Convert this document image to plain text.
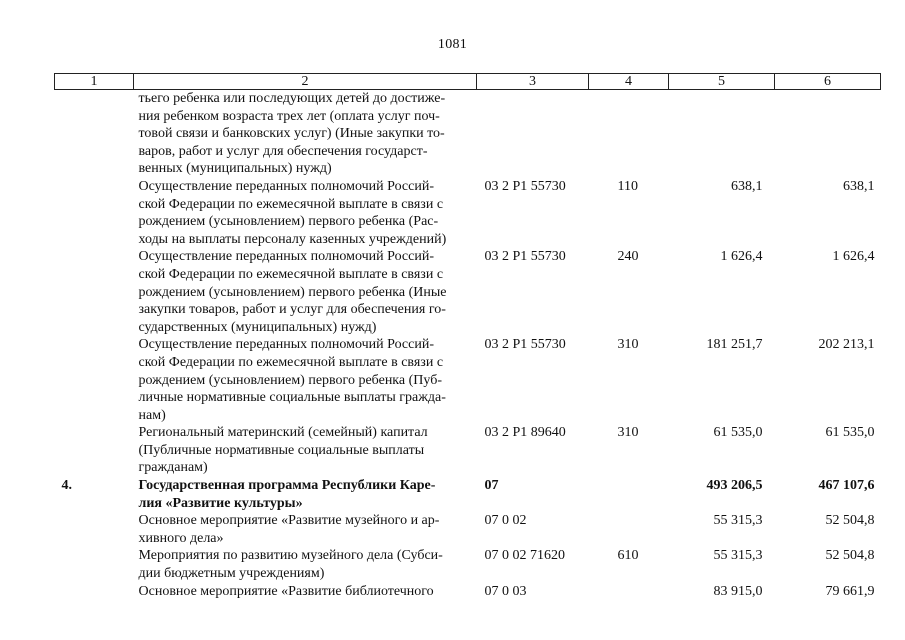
1081
1	2	3	4	5	6
	тьего ребенка или последующих детей до достиже-
ния ребенком возраста трех лет (оплата услуг поч-
товой связи и банковских услуг) (Иные закупки то-
варов, работ и услуг для обеспечения государст-
венных (муниципальных) нужд)				
	Осуществление переданных полномочий Россий-
ской Федерации по ежемесячной выплате в связи с рождением (усыновлением) первого ребенка (Рас-
ходы на выплаты персоналу казенных учреждений)	03 2 P1 55730	110	638,1	638,1
	Осуществление переданных полномочий Россий-
ской Федерации по ежемесячной выплате в связи с рождением (усыновлением) первого ребенка (Иные закупки товаров, работ и услуг для обеспечения го-
сударственных (муниципальных) нужд)	03 2 P1 55730	240	1 626,4	1 626,4
	Осуществление переданных полномочий Россий-
ской Федерации по ежемесячной выплате в связи с рождением (усыновлением) первого ребенка (Пуб-
личные нормативные социальные выплаты гражда-
нам)	03 2 P1 55730	310	181 251,7	202 213,1
	Региональный материнский (семейный) капитал (Публичные нормативные социальные выплаты гражданам)	03 2 P1 89640	310	61 535,0	61 535,0
4.	Государственная программа Республики Каре-
лия «Развитие культуры»	07		493 206,5	467 107,6
	Основное мероприятие «Развитие музейного и ар-
хивного дела»	07 0 02		55 315,3	52 504,8
	Мероприятия по развитию музейного дела (Субси-
дии бюджетным учреждениям)	07 0 02 71620	610	55 315,3	52 504,8
	Основное мероприятие «Развитие библиотечного	07 0 03		83 915,0	79 661,9
